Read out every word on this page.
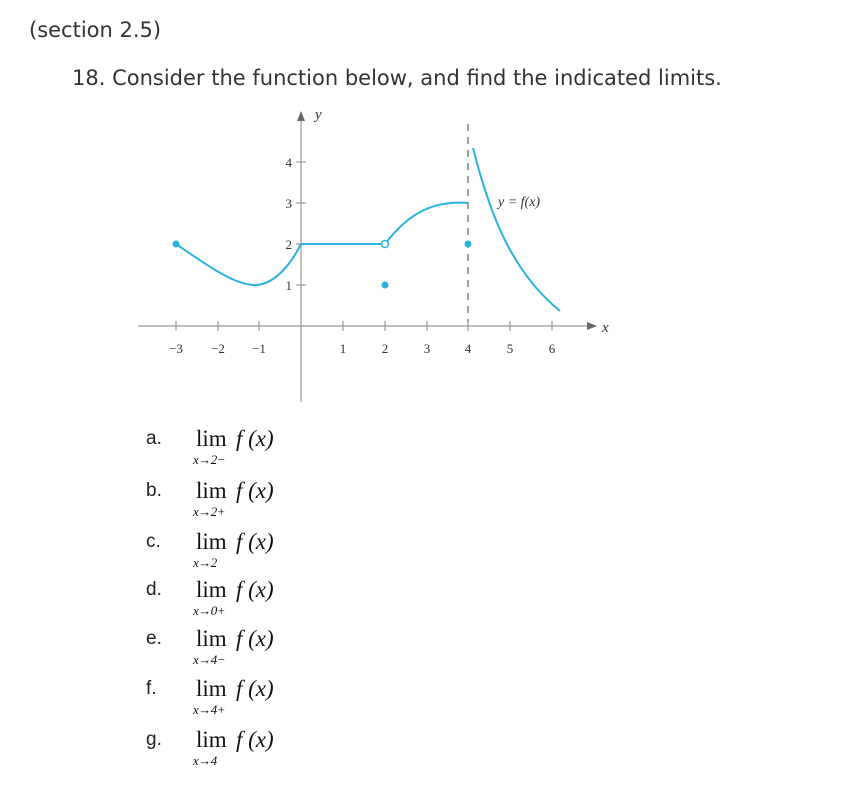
(section 2.5)
18. Consider the function below, and find the indicated limits.
−3 −2 −1	1	2	3	4	5	6
1
2
3
4
y
x
y = f(x)
a. lim f (x)
x→2−
b. lim f (x)
x→2+
c. lim f (x)
x→2
d. lim f (x)
x→0+
e. lim f (x)
x→4−
f. lim f (x)
x→4+
g. lim f (x)
x→4
